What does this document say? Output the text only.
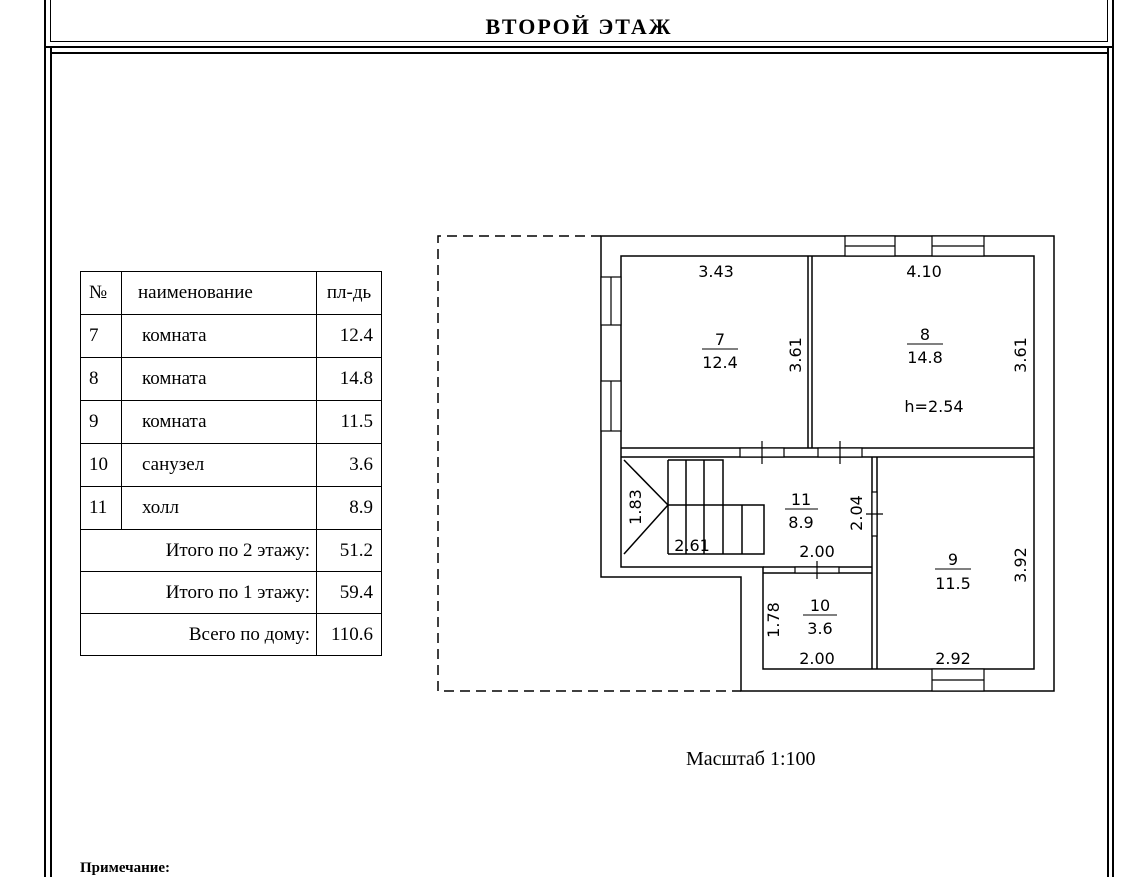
ВТОРОЙ ЭТАЖ
№	наименование	пл-дь
7	комната	12.4
8	комната	14.8
9	комната	11.5
10	санузел	3.6
11	холл	8.9
Итого по 2 этажу:		51.2
Итого по 1 этажу:		59.4
Всего по дому:		110.6
7
12.4
8
14.8
11
8.9
9
11.5
10
3.6
h=2.54
3.43	4.10
2.61	2.00
2.00	2.92
3.61	3.61
1.83	2.04
3.92
1.78
Масштаб 1:100
Примечание:
